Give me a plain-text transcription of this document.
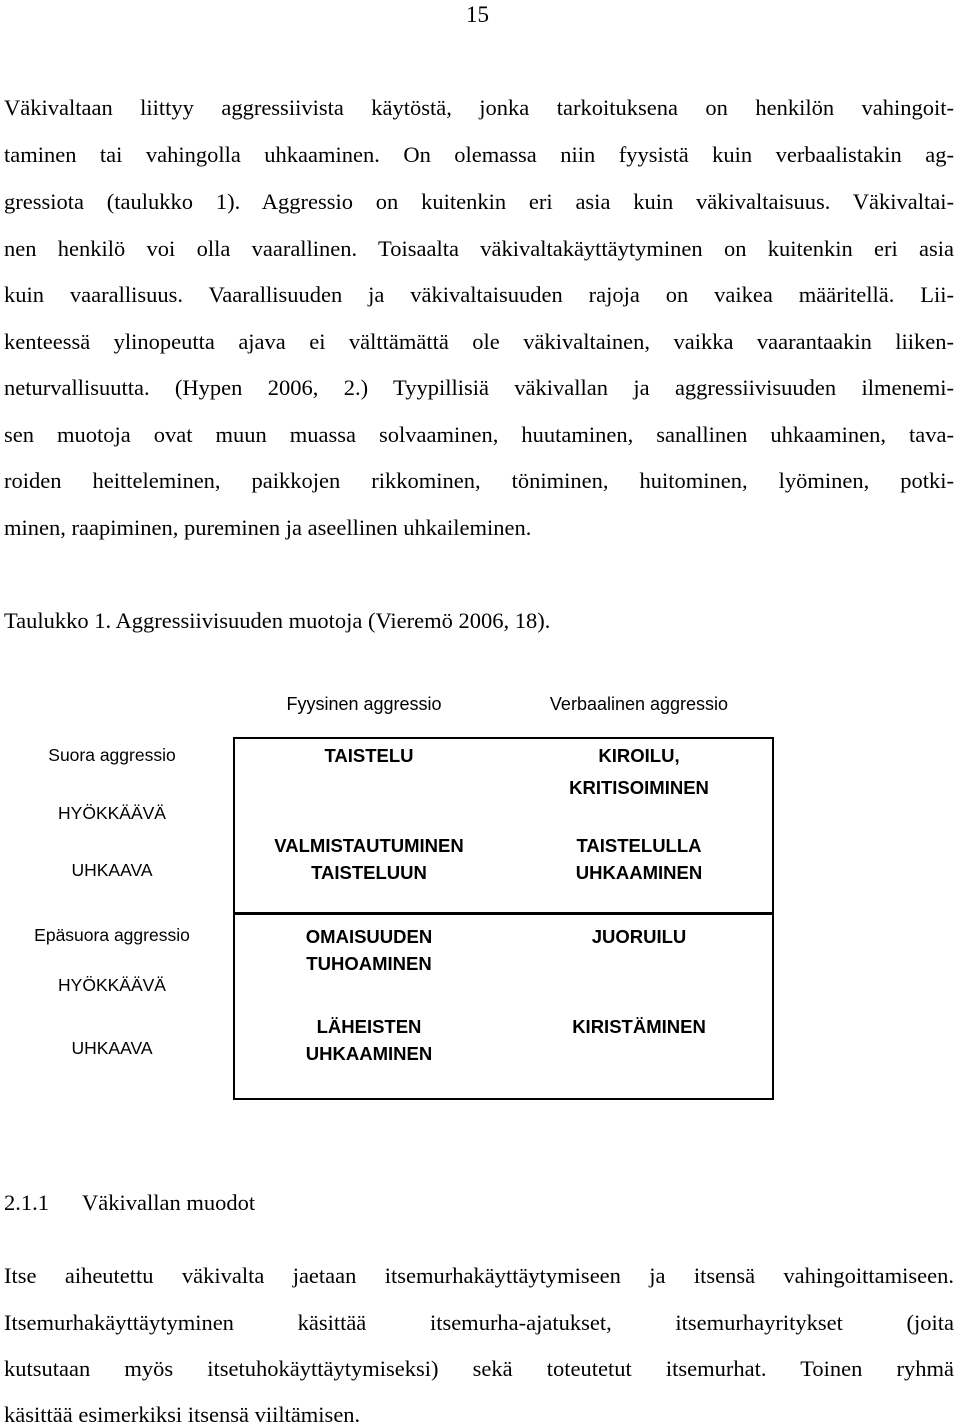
15
Väkivaltaan liittyy aggressiivista käytöstä, jonka tarkoituksena on henkilön vahingoit-
taminen tai vahingolla uhkaaminen. On olemassa niin fyysistä kuin verbaalistakin ag-
gressiota (taulukko 1). Aggressio on kuitenkin eri asia kuin väkivaltaisuus. Väkivaltai-
nen henkilö voi olla vaarallinen. Toisaalta väkivaltakäyttäytyminen on kuitenkin eri asia
kuin vaarallisuus. Vaarallisuuden ja väkivaltaisuuden rajoja on vaikea määritellä. Lii-
kenteessä ylinopeutta ajava ei välttämättä ole väkivaltainen, vaikka vaarantaakin liiken-
neturvallisuutta. (Hypen 2006, 2.) Tyypillisiä väkivallan ja aggressiivisuuden ilmenemi-
sen muotoja ovat muun muassa solvaaminen, huutaminen, sanallinen uhkaaminen, tava-
roiden heitteleminen, paikkojen rikkominen, töniminen, huitominen, lyöminen, potki-
minen, raapiminen, pureminen ja aseellinen uhkaileminen.
Taulukko 1. Aggressiivisuuden muotoja (Vieremö 2006, 18).
Fyysinen aggressio	Verbaalinen aggressio
Suora aggressio
HYÖKKÄÄVÄ
UHKAAVA
Epäsuora aggressio
HYÖKKÄÄVÄ
UHKAAVA
TAISTELU	KIROILU,
KRITISOIMINEN
VALMISTAUTUMINEN
TAISTELUUN
TAISTELULLA
UHKAAMINEN
OMAISUUDEN
TUHOAMINEN
JUORUILU
LÄHEISTEN
UHKAAMINEN
KIRISTÄMINEN
2.1.1 Väkivallan muodot
Itse aiheutettu väkivalta jaetaan itsemurhakäyttäytymiseen ja itsensä vahingoittamiseen.
Itsemurhakäyttäytyminen käsittää itsemurha-ajatukset, itsemurhayritykset (joita
kutsutaan myös itsetuhokäyttäytymiseksi) sekä toteutetut itsemurhat. Toinen ryhmä
käsittää esimerkiksi itsensä viiltämisen.
